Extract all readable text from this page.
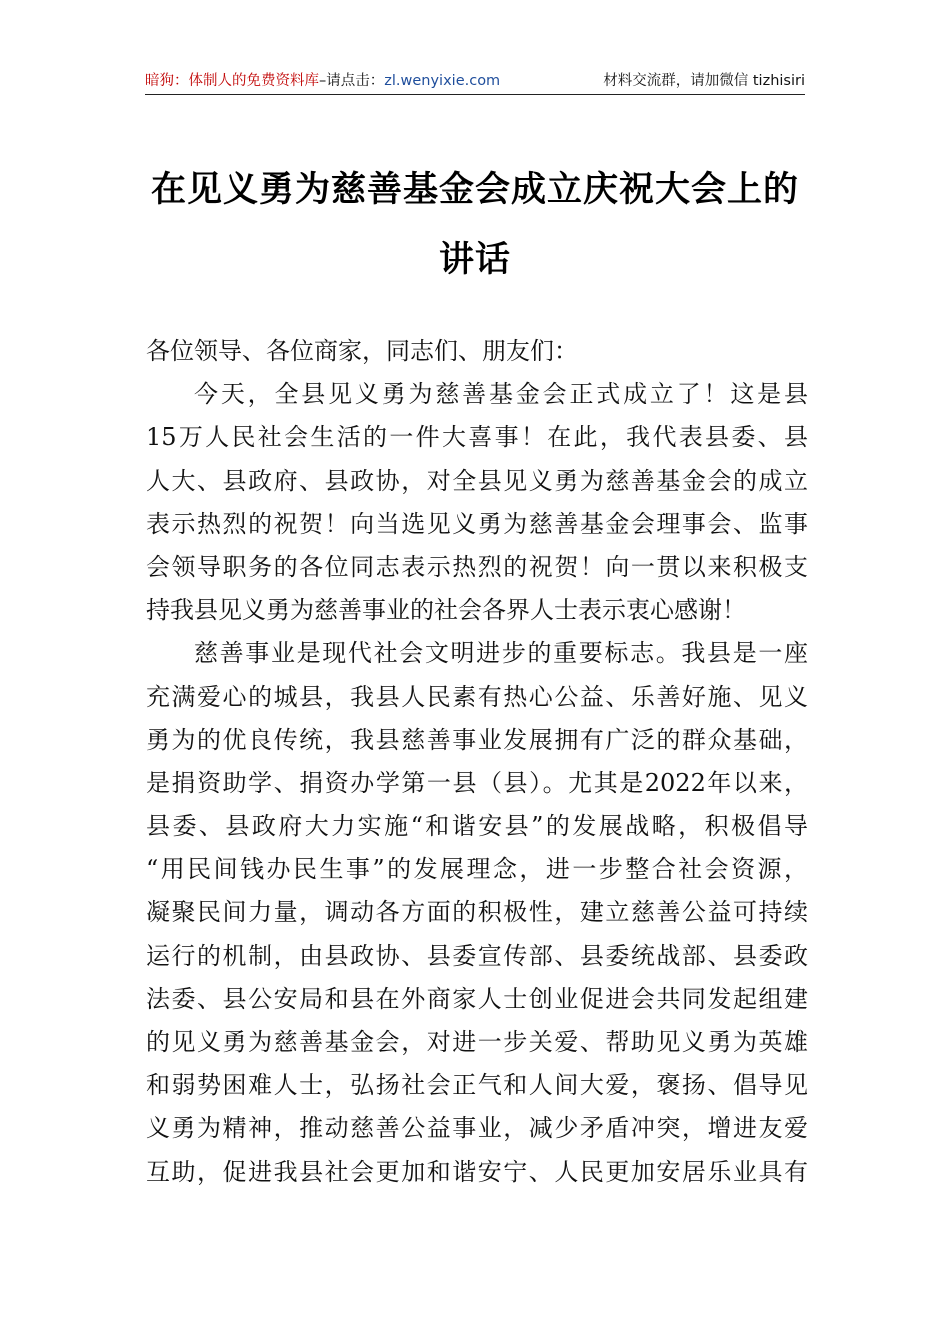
暗狗：体制人的免费资料库 –请点击： zl.wenyixie.com	材料交流群，请加微信 tizhisiri
在见义勇为慈善基金会成立庆祝大会上的
讲话
各位领导、各位商家，同志们、朋友们：

今天，全县见义勇为慈善基金会正式成立了！这是县
15万人民社会生活的一件大喜事！在此，我代表县委、县
人大、县政府、县政协，对全县见义勇为慈善基金会的成立
表示热烈的祝贺！向当选见义勇为慈善基金会理事会、监事
会领导职务的各位同志表示热烈的祝贺！向一贯以来积极支
持我县见义勇为慈善事业的社会各界人士表示衷心感谢！

慈善事业是现代社会文明进步的重要标志。我县是一座
充满爱心的城县，我县人民素有热心公益、乐善好施、见义
勇为的优良传统，我县慈善事业发展拥有广泛的群众基础，
是捐资助学、捐资办学第一县（县）。尤其是2022年以来，
县委、县政府大力实施“和谐安县”的发展战略，积极倡导
“用民间钱办民生事”的发展理念，进一步整合社会资源，
凝聚民间力量，调动各方面的积极性，建立慈善公益可持续
运行的机制，由县政协、县委宣传部、县委统战部、县委政
法委、县公安局和县在外商家人士创业促进会共同发起组建
的见义勇为慈善基金会，对进一步关爱、帮助见义勇为英雄
和弱势困难人士，弘扬社会正气和人间大爱，褒扬、倡导见
义勇为精神，推动慈善公益事业，减少矛盾冲突，增进友爱
互助，促进我县社会更加和谐安宁、人民更加安居乐业具有
